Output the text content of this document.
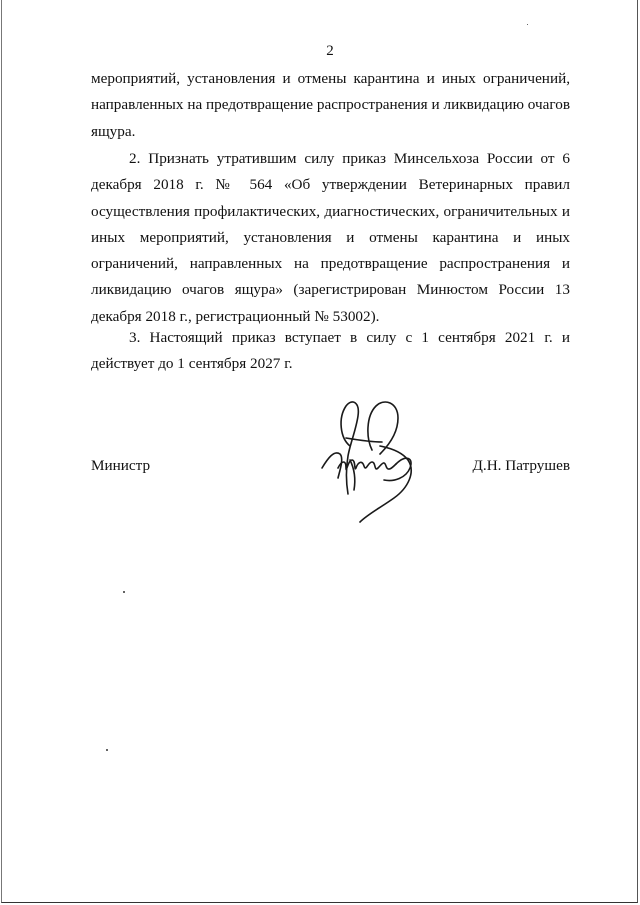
2

мероприятий, установления и отмены карантина и иных ограничений, направленных на предотвращение распространения и ликвидацию очагов ящура.

2. Признать утратившим силу приказ Минсельхоза России от 6 декабря 2018 г. № 564 «Об утверждении Ветеринарных правил осуществления профилактических, диагностических, ограничительных и иных мероприятий, установления и отмены карантина и иных ограничений, направленных на предотвращение распространения и ликвидацию очагов ящура» (зарегистрирован Минюстом России 13 декабря 2018 г., регистрационный № 53002).

3. Настоящий приказ вступает в силу с 1 сентября 2021 г. и действует до 1 сентября 2027 г.

Министр	Д.Н. Патрушев
